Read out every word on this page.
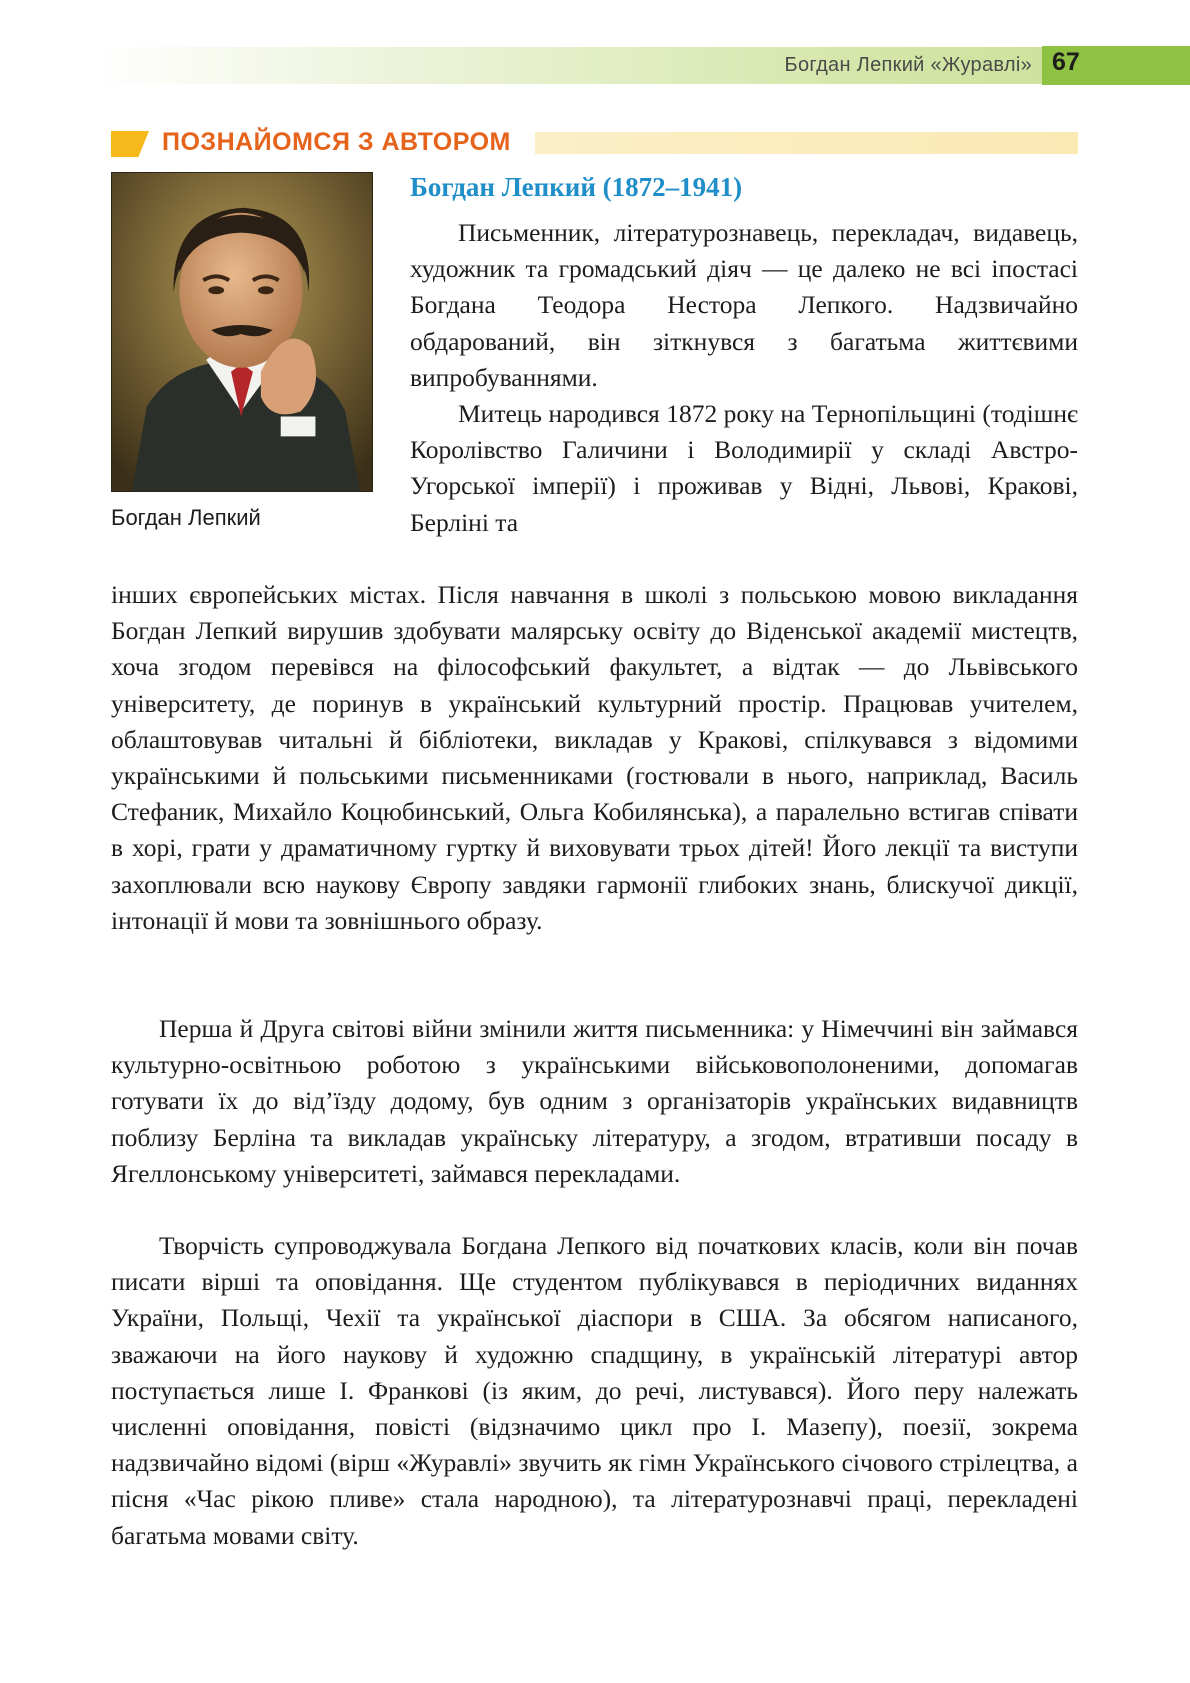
Богдан Лепкий «Журавлі» 67
ПОЗНАЙОМСЯ З АВТОРОМ
Богдан Лепкий
Богдан Лепкий (1872–1941)

Письменник, літературознавець, перекладач, видавець, художник та громадський діяч — це далеко не всі іпостасі Богдана Теодора Нестора Лепкого. Надзвичайно обдарований, він зіткнувся з багатьма життєвими випробуваннями.

Митець народився 1872 року на Тернопільщині (тодішнє Королівство Галичини і Володимирії у складі Австро-Угорської імперії) і проживав у Відні, Львові, Кракові, Берліні та

інших європейських містах. Після навчання в школі з польською мовою викладання Богдан Лепкий вирушив здобувати малярську освіту до Віденської академії мистецтв, хоча згодом перевівся на філософський факультет, а відтак — до Львівського університету, де поринув в український культурний простір. Працював учителем, облаштовував читальні й бібліотеки, викладав у Кракові, спілкувався з відомими українськими й польськими письменниками (гостювали в нього, наприклад, Василь Стефаник, Михайло Коцюбинський, Ольга Кобилянська), а паралельно встигав співати в хорі, грати у драматичному гуртку й виховувати трьох дітей! Його лекції та виступи захоплювали всю наукову Європу завдяки гармонії глибоких знань, блискучої дикції, інтонації й мови та зовнішнього образу.

Перша й Друга світові війни змінили життя письменника: у Німеччині він займався культурно-освітньою роботою з українськими військовополоненими, допомагав готувати їх до від’їзду додому, був одним з організаторів українських видавництв поблизу Берліна та викладав українську літературу, а згодом, втративши посаду в Ягеллонському університеті, займався перекладами.

Творчість супроводжувала Богдана Лепкого від початкових класів, коли він почав писати вірші та оповідання. Ще студентом публікувався в періодичних виданнях України, Польщі, Чехії та української діаспори в США. За обсягом написаного, зважаючи на його наукову й художню спадщину, в українській літературі автор поступається лише І. Франкові (із яким, до речі, листувався). Його перу належать численні оповідання, повісті (відзначимо цикл про І. Мазепу), поезії, зокрема надзвичайно відомі (вірш «Журавлі» звучить як гімн Українського січового стрілецтва, а пісня «Час рікою пливе» стала народною), та літературознавчі праці, перекладені багатьма мовами світу.
